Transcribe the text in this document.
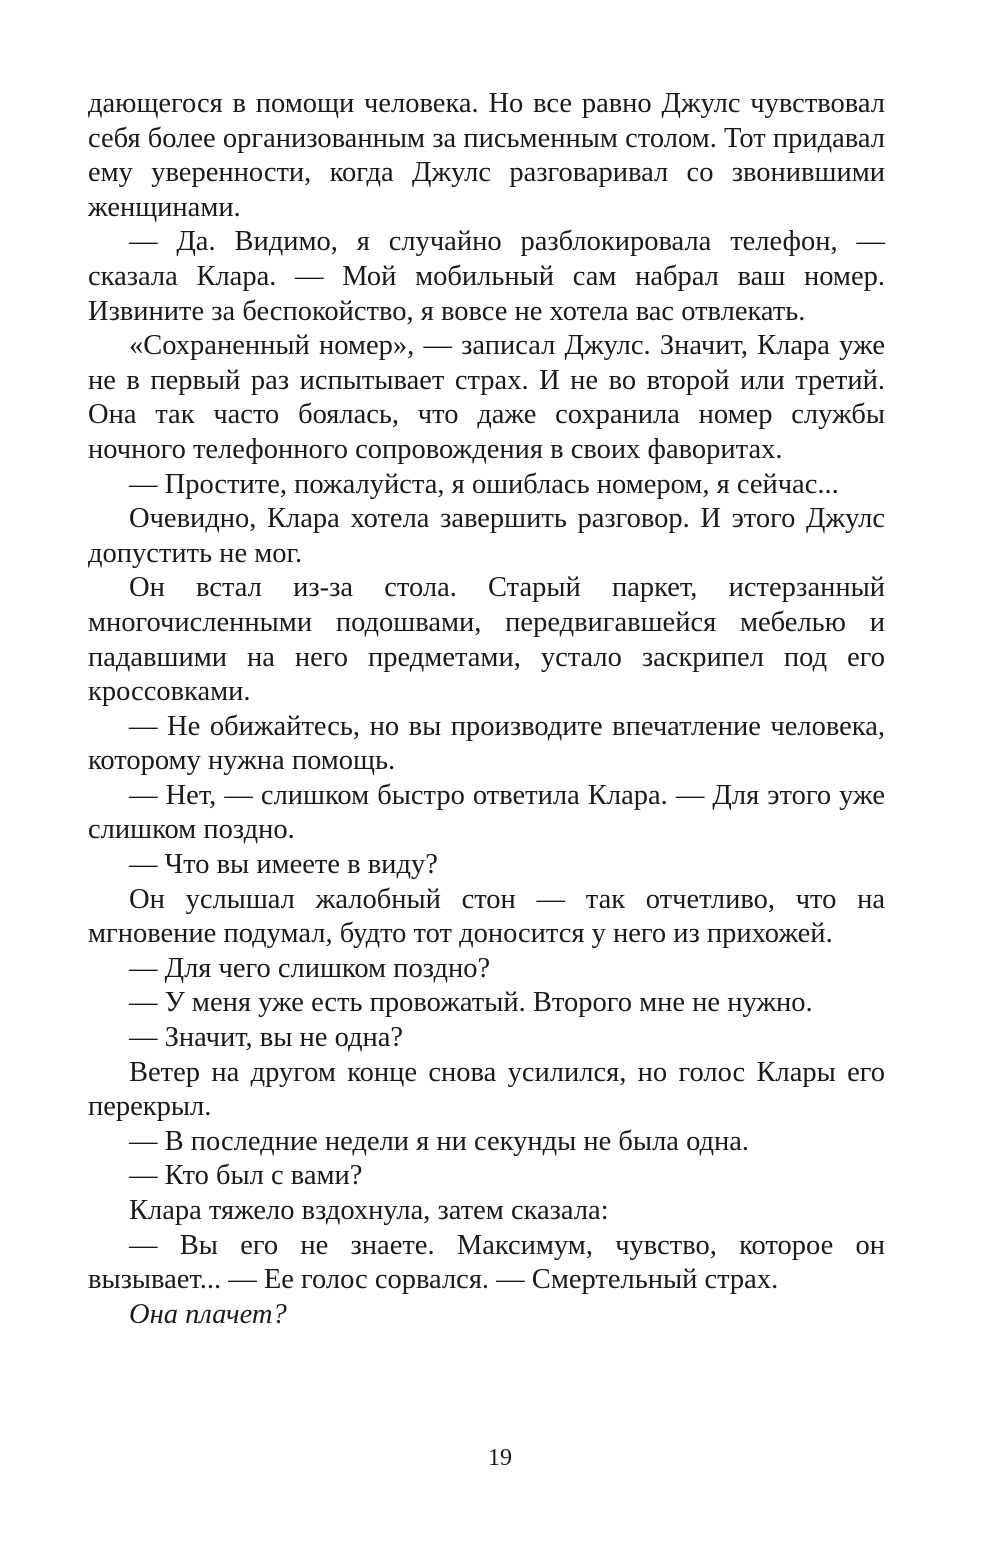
дающегося в помощи человека. Но все равно Джулс чувствовал себя более организованным за письменным столом. Тот придавал ему уверенности, когда Джулс разговаривал со звонившими женщинами.

— Да. Видимо, я случайно разблокировала телефон, — сказала Клара. — Мой мобильный сам набрал ваш номер. Извините за беспокойство, я вовсе не хотела вас отвлекать.

«Сохраненный номер», — записал Джулс. Значит, Клара уже не в первый раз испытывает страх. И не во второй или третий. Она так часто боялась, что даже сохранила номер службы ночного телефонного сопровождения в своих фаворитах.

— Простите, пожалуйста, я ошиблась номером, я сейчас...

Очевидно, Клара хотела завершить разговор. И этого Джулс допустить не мог.

Он встал из-за стола. Старый паркет, истерзанный многочисленными подошвами, передвигавшейся мебелью и падавшими на него предметами, устало заскрипел под его кроссовками.

— Не обижайтесь, но вы производите впечатление человека, которому нужна помощь.

— Нет, — слишком быстро ответила Клара. — Для этого уже слишком поздно.

— Что вы имеете в виду?

Он услышал жалобный стон — так отчетливо, что на мгновение подумал, будто тот доносится у него из прихожей.

— Для чего слишком поздно?

— У меня уже есть провожатый. Второго мне не нужно.

— Значит, вы не одна?

Ветер на другом конце снова усилился, но голос Клары его перекрыл.

— В последние недели я ни секунды не была одна.

— Кто был с вами?

Клара тяжело вздохнула, затем сказала:

— Вы его не знаете. Максимум, чувство, которое он вызывает... — Ее голос сорвался. — Смертельный страх.

Она плачет?

19
